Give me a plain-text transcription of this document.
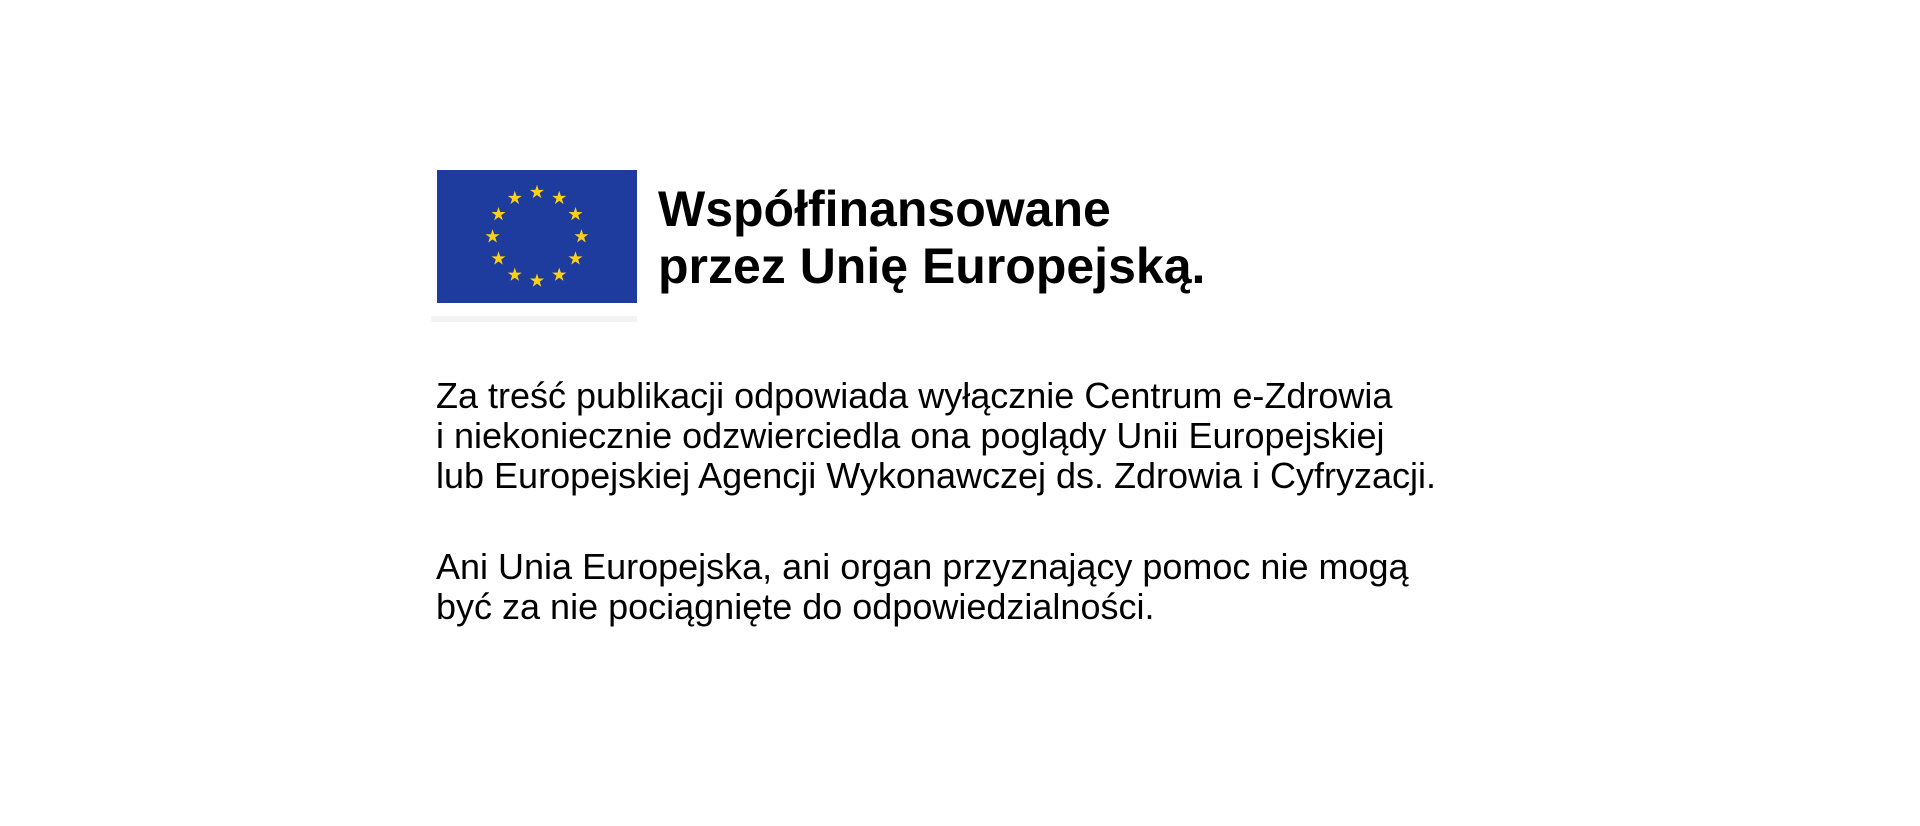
Współfinansowane
przez Unię Europejską.
Za treść publikacji odpowiada wyłącznie Centrum e-Zdrowia
i niekoniecznie odzwierciedla ona poglądy Unii Europejskiej
lub Europejskiej Agencji Wykonawczej ds. Zdrowia i Cyfryzacji.
Ani Unia Europejska, ani organ przyznający pomoc nie mogą
być za nie pociągnięte do odpowiedzialności.
